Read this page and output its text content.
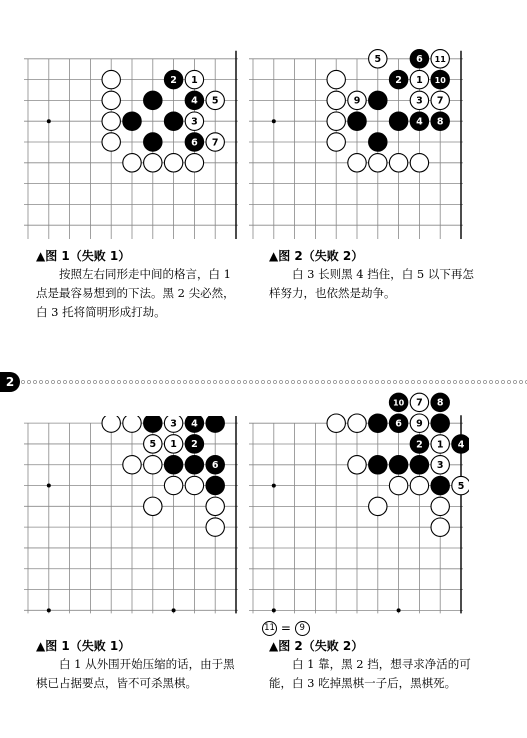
2 1
4 5
3
6 7
▲图 1（失败 1）

按照左右同形走中间的格言，白 1 点是最容易想到的下法。黑 2 尖必然，白 3 托将简明形成打劫。

5	6 11
2 1 10
9	3 7
4 8
▲图 2（失败 2）

白 3 长则黑 4 挡住，白 5 以下再怎样努力，也依然是劫争。

2
3 4
5 1 2
6
▲图 1（失败 1）

白 1 从外围开始压缩的话，由于黑棋已占据要点，皆不可杀黑棋。

10 7 8
6 9
2 1 4
3
5
11 = 9
▲图 2（失败 2）

白 1 靠，黑 2 挡，想寻求净活的可能，白 3 吃掉黑棋一子后，黑棋死。
